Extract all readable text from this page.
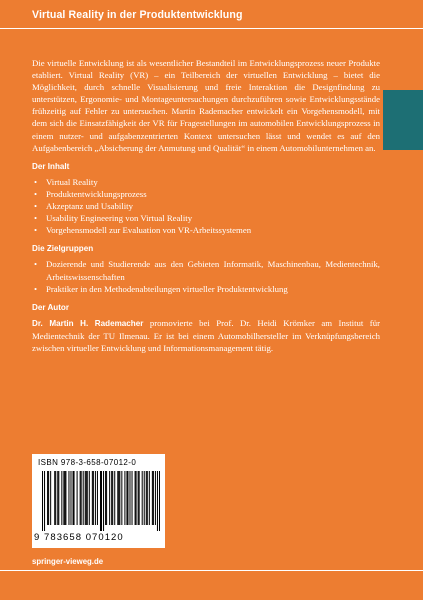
Virtual Reality in der Produktentwicklung

Die virtuelle Entwicklung ist als wesentlicher Bestandteil im Entwicklungsprozess neuer Produkte etabliert. Virtual Reality (VR) – ein Teilbereich der virtuellen Entwicklung – bietet die Möglichkeit, durch schnelle Visualisierung und freie Interaktion die Designfindung zu unterstützen, Ergonomie- und Montageuntersuchungen durchzuführen sowie Entwicklungsstände frühzeitig auf Fehler zu untersuchen. Martin Rademacher entwickelt ein Vorgehensmodell, mit dem sich die Einsatzfähigkeit der VR für Fragestellungen im automobilen Entwicklungsprozess in einem nutzer- und aufgabenzentrierten Kontext untersuchen lässt und wendet es auf den Aufgabenbereich „Absicherung der Anmutung und Qualität“ in einem Automobilunternehmen an.

Der Inhalt
• Virtual Reality
• Produktentwicklungsprozess
• Akzeptanz und Usability
• Usability Engineering von Virtual Reality
• Vorgehensmodell zur Evaluation von VR-Arbeitssystemen
Die Zielgruppen
• Dozierende und Studierende aus den Gebieten Informatik, Maschinenbau, Medientechnik, Arbeitswissenschaften
• Praktiker in den Methodenabteilungen virtueller Produktentwicklung
Der Autor

Dr. Martin H. Rademacher promovierte bei Prof. Dr. Heidi Krömker am Institut für Medientechnik der TU Ilmenau. Er ist bei einem Automobilhersteller im Verknüpfungsbereich zwischen virtueller Entwicklung und Informationsmanagement tätig.

ISBN 978-3-658-07012-0
9 783658 070120
springer-vieweg.de
